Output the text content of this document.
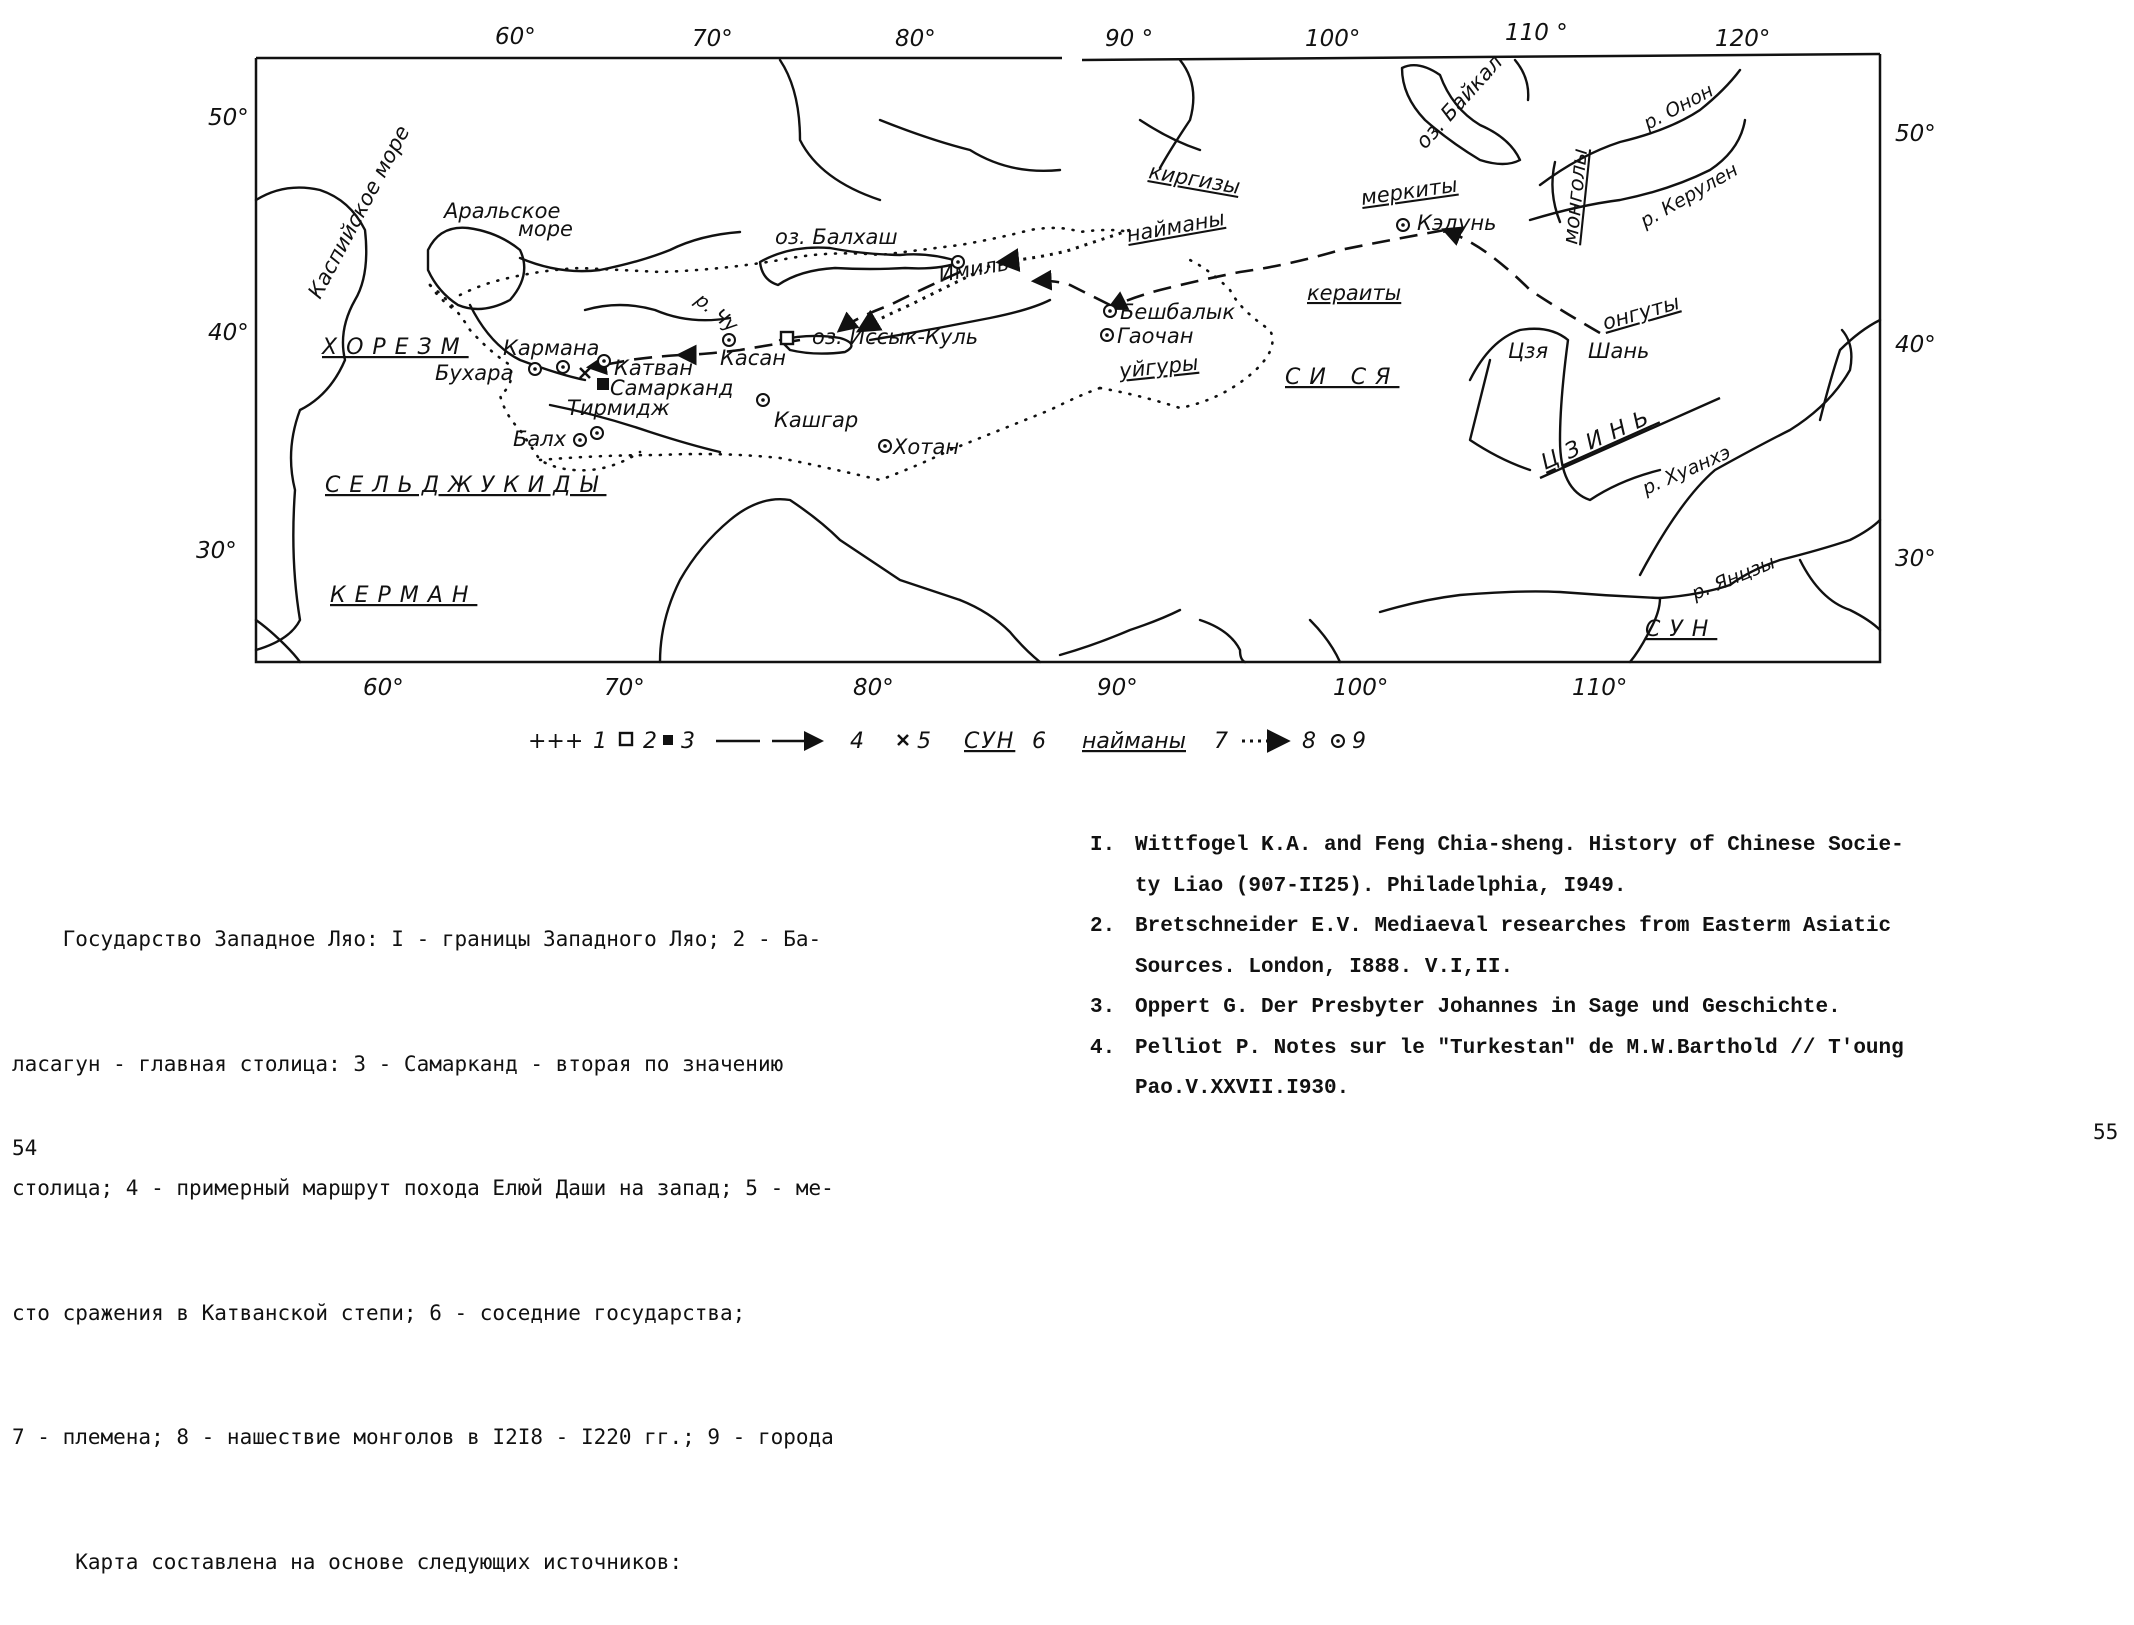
50°
40°
30°
50°
40°
30°
60°	70°	80°	90 °	100°	110 °	120°
60°	70°	80°	90°	100°	110°
Каспийское море Аральское
море	оз. Балхаш
оз. Иссык-Куль
оз. Байкал
р. Чу
р. Онон
р. Керулен
р. Хуанхэ
р. Янцзы
ХОРЕЗМ
СЕЛЬДЖУКИДЫ
КЕРМАН
СИ СЯ
ЦЗИНЬ
СУН
киргизы
найманы
меркиты	монголы
кераиты	онгуты
уйгуры
Кармана
Катван
Бухара
Самарканд
Тирмидж
Балх
Касан
Кашгар
Хотан
Имиль
Бешбалык
Гаочан
Кэдунь
Цзя Шань
+++ 1 2 3	4 5 СУН 6 найманы 7	8 9

Государство Западное Ляо: I - границы Западного Ляо; 2 - Ба-

ласагун - главная столица: 3 - Самарканд - вторая по значению

столица; 4 - примерный маршрут похода Елюй Даши на запад; 5 - ме-

сто сражения в Катванской степи; 6 - соседние государства;

7 - племена; 8 - нашествие монголов в I2I8 - I220 гг.; 9 - города

Карта составлена на основе следующих источников:

I. Wittfogel K.A. and Feng Chia-sheng. History of Chinese Socie-
ty Liao (907-II25). Philadelphia, I949.
2. Bretschneider E.V. Mediaeval researches from Easterm Asiatic
Sources. London, I888. V.I,II.
3. Oppert G. Der Presbyter Johannes in Sage und Geschichte.
4. Pelliot P. Notes sur le "Turkestan" de M.W.Barthold // T'oung
Pao.V.XXVII.I930.
54
55
